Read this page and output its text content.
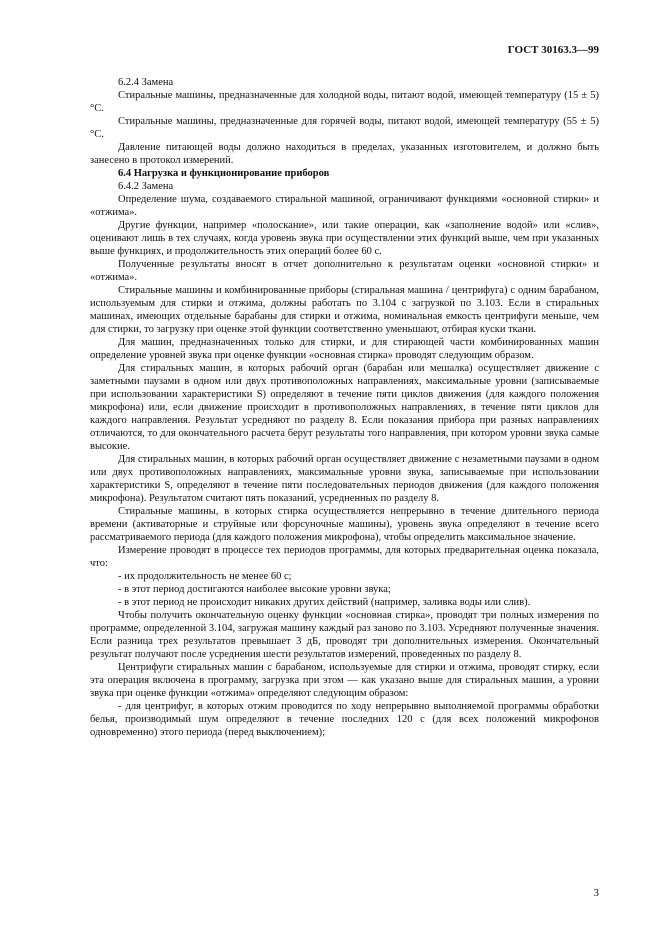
ГОСТ 30163.3—99

6.2.4 Замена

Стиральные машины, предназначенные для холодной воды, питают водой, имеющей температуру (15 ± 5) °С.

Стиральные машины, предназначенные для горячей воды, питают водой, имеющей температуру (55 ± 5) °С.

Давление питающей воды должно находиться в пределах, указанных изготовителем, и должно быть занесено в протокол измерений.

6.4 Нагрузка и функционирование приборов

6.4.2 Замена

Определение шума, создаваемого стиральной машиной, ограничивают функциями «основной стирки» и «отжима».

Другие функции, например «полоскание», или такие операции, как «заполнение водой» или «слив», оценивают лишь в тех случаях, когда уровень звука при осуществлении этих функций выше, чем при указанных выше функциях, и продолжительность этих операций более 60 с.

Полученные результаты вносят в отчет дополнительно к результатам оценки «основной стирки» и «отжима».

Стиральные машины и комбинированные приборы (стиральная машина / центрифуга) с одним барабаном, используемым для стирки и отжима, должны работать по 3.104 с загрузкой по 3.103. Если в стиральных машинах, имеющих отдельные барабаны для стирки и отжима, номинальная емкость центрифуги меньше, чем для стирки, то загрузку при оценке этой функции соответственно уменьшают, отбирая куски ткани.

Для машин, предназначенных только для стирки, и для стирающей части комбинированных машин определение уровней звука при оценке функции «основная стирка» проводят следующим образом.

Для стиральных машин, в которых рабочий орган (барабан или мешалка) осуществляет движение с заметными паузами в одном или двух противоположных направлениях, максимальные уровни (записываемые при использовании характеристики S) определяют в течение пяти циклов движения (для каждого положения микрофона) или, если движение происходит в противоположных направлениях, в течение пяти циклов для каждого направления. Результат усредняют по разделу 8. Если показания прибора при разных направлениях отличаются, то для окончательного расчета берут результаты того направления, при котором уровни звука самые высокие.

Для стиральных машин, в которых рабочий орган осуществляет движение с незаметными паузами в одном или двух противоположных направлениях, максимальные уровни звука, записываемые при использовании характеристики S, определяют в течение пяти последовательных периодов движения (для каждого положения микрофона). Результатом считают пять показаний, усредненных по разделу 8.

Стиральные машины, в которых стирка осуществляется непрерывно в течение длительного периода времени (активаторные и струйные или форсуночные машины), уровень звука определяют в течение всего рассматриваемого периода (для каждого положения микрофона), чтобы определить максимальное значение.

Измерение проводят в процессе тех периодов программы, для которых предварительная оценка показала, что:

- их продолжительность не менее 60 с;

- в этот период достигаются наиболее высокие уровни звука;

- в этот период не происходит никаких других действий (например, заливка воды или слив).

Чтобы получить окончательную оценку функции «основная стирка», проводят три полных измерения по программе, определенной 3.104, загружая машину каждый раз заново по 3.103. Усредняют полученные значения. Если разница трех результатов превышает 3 дБ, проводят три дополнительных измерения. Окончательный результат получают после усреднения шести результатов измерений, проведенных по разделу 8.

Центрифуги стиральных машин с барабаном, используемые для стирки и отжима, проводят стирку, если эта операция включена в программу, загрузка при этом — как указано выше для стиральных машин, а уровни звука при оценке функции «отжима» определяют следующим образом:

- для центрифуг, в которых отжим проводится по ходу непрерывно выполняемой программы обработки белья, производимый шум определяют в течение последних 120 с (для всех положений микрофонов одновременно) этого периода (перед выключением);

3
